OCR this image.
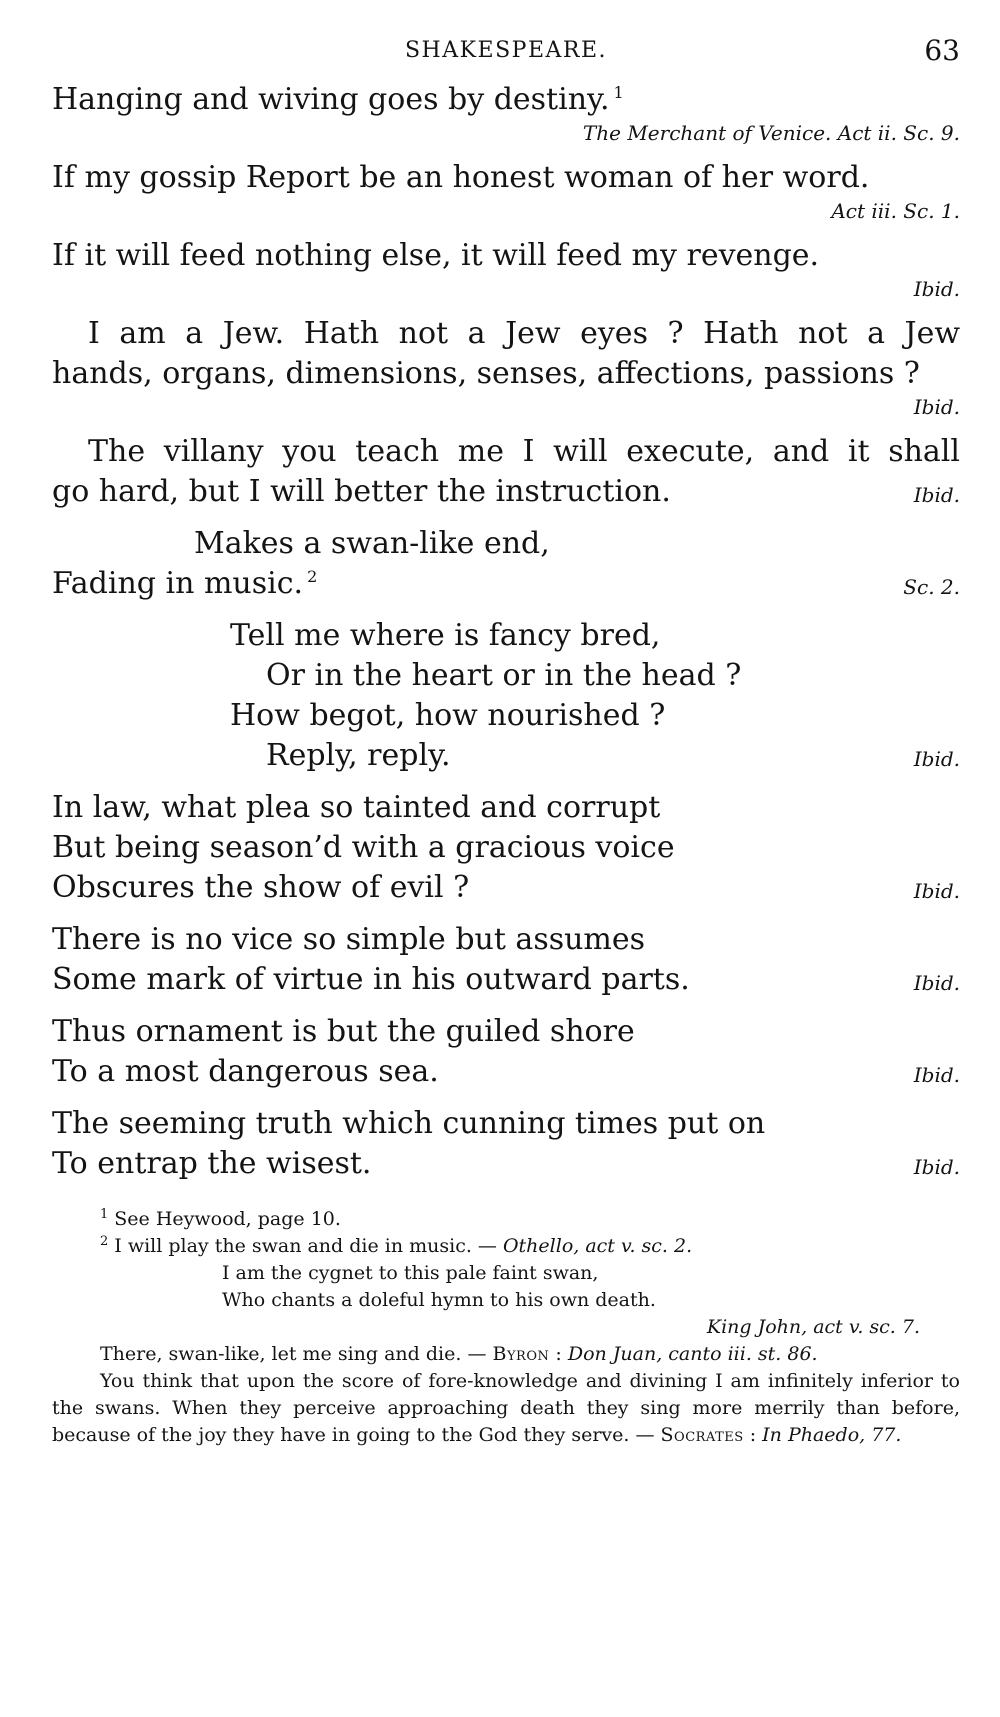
SHAKESPEARE.	63
Hanging and wiving goes by destiny. $^1$
The Merchant of Venice. Act ii. Sc. 9.
If my gossip Report be an honest woman of her word.
Act iii. Sc. 1.
If it will feed nothing else, it will feed my revenge.
Ibid.
I am a Jew. Hath not a Jew eyes ? Hath not a Jew
hands, organs, dimensions, senses, affections, passions ?
Ibid.
The villany you teach me I will execute, and it shall
go hard, but I will better the instruction.	Ibid.
Makes a swan-like end,
Fading in music. $^2$	Sc. 2.
Tell me where is fancy bred,
Or in the heart or in the head ?
How begot, how nourished ?
Reply, reply.	Ibid.
In law, what plea so tainted and corrupt
But being season’d with a gracious voice
Obscures the show of evil ?	Ibid.
There is no vice so simple but assumes
Some mark of virtue in his outward parts.	Ibid.
Thus ornament is but the guiled shore
To a most dangerous sea.	Ibid.
The seeming truth which cunning times put on
To entrap the wisest.	Ibid.
$^1$ See Heywood, page 10.
$^2$ I will play the swan and die in music. — Othello, act v. sc. 2.
I am the cygnet to this pale faint swan,
Who chants a doleful hymn to his own death.
King John, act v. sc. 7.
There, swan-like, let me sing and die. — Byron : Don Juan, canto iii. st. 86.
You think that upon the score of fore-knowledge and divining I am infinitely inferior to the swans. When they perceive approaching death they sing more merrily than before, because of the joy they have in going to the God they serve. — Socrates : In Phaedo, 77.
